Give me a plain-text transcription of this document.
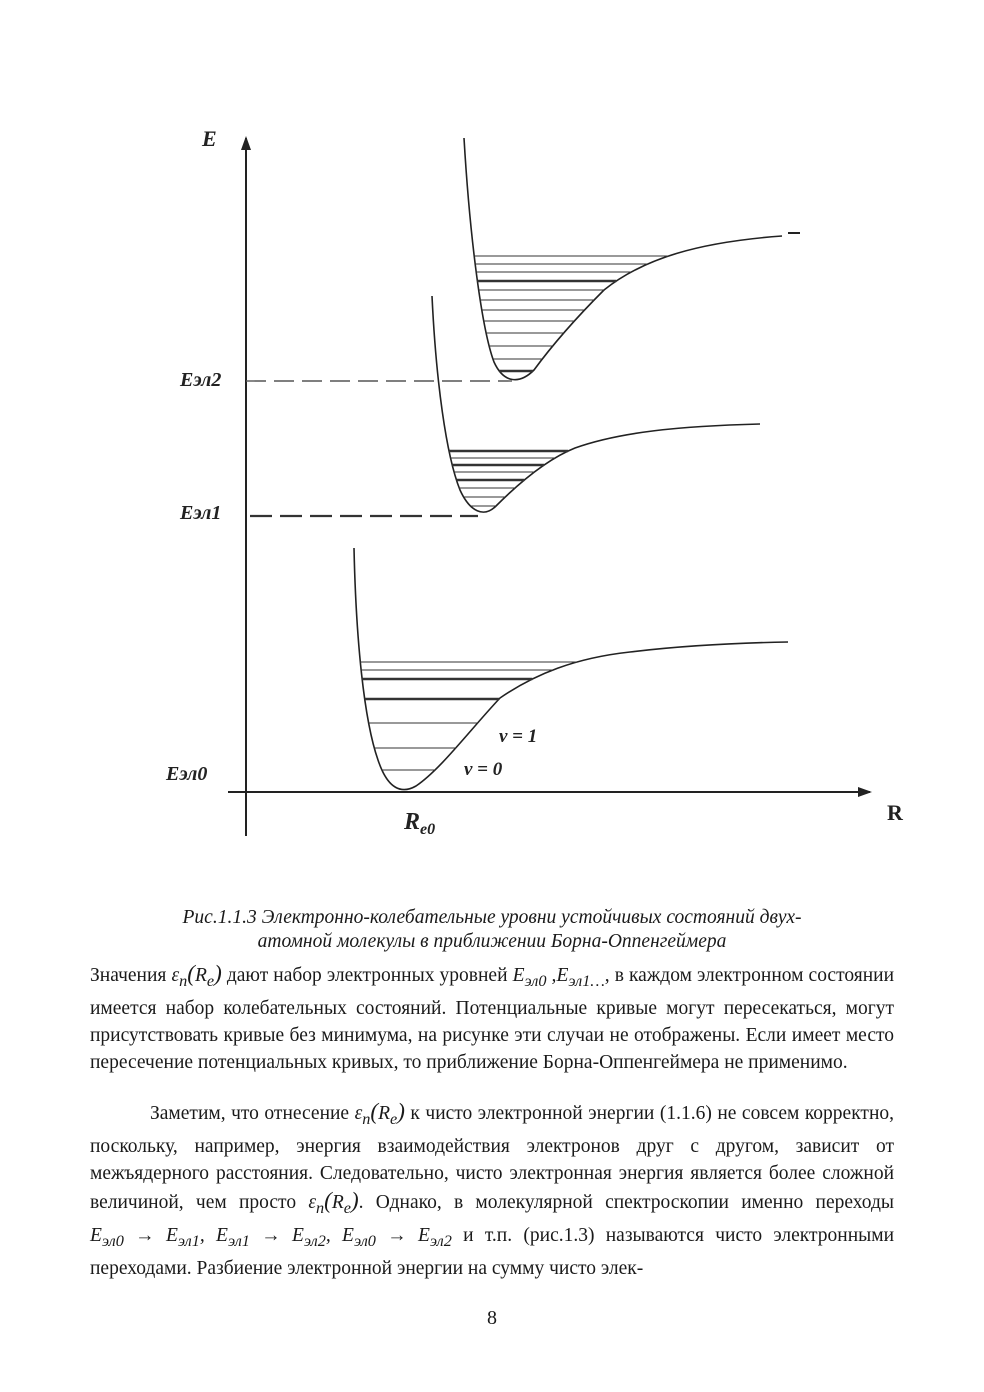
E
R
Eэл2
Eэл1
Eэл0
v = 1
v = 0
$R_{e0}$
Рис.1.1.3 Электронно-колебательные уровни устойчивых состояний двух-
атомной молекулы в приближении Борна-Оппенгеймера

Значения $\varepsilon_n(R_e)$ дают набор электронных уровней $E_{эл0}$ $,E_{эл1\dots}$, в каждом электронном состоянии имеется набор колебательных состояний. Потенциальные кривые могут пересекаться, могут присутствовать кривые без минимума, на рисунке эти случаи не отображены. Если имеет место пересечение потенциальных кривых, то приближение Борна-Оппенгеймера не применимо.

Заметим, что отнесение $\varepsilon_n(R_e)$ к чисто электронной энергии (1.1.6) не совсем корректно, поскольку, например, энергия взаимодействия электронов друг с другом, зависит от межъядерного расстояния. Следовательно, чисто электронная энергия является более сложной величиной, чем просто $\varepsilon_n(R_e)$. Однако, в молекулярной спектроскопии именно переходы $E_{эл0} \to E_{эл1}$, $E_{эл1} \to E_{эл2}$, $E_{эл0} \to E_{эл2}$ и т.п. (рис.1.3) называются чисто электронными переходами. Разбиение электронной энергии на сумму чисто элек-

8
